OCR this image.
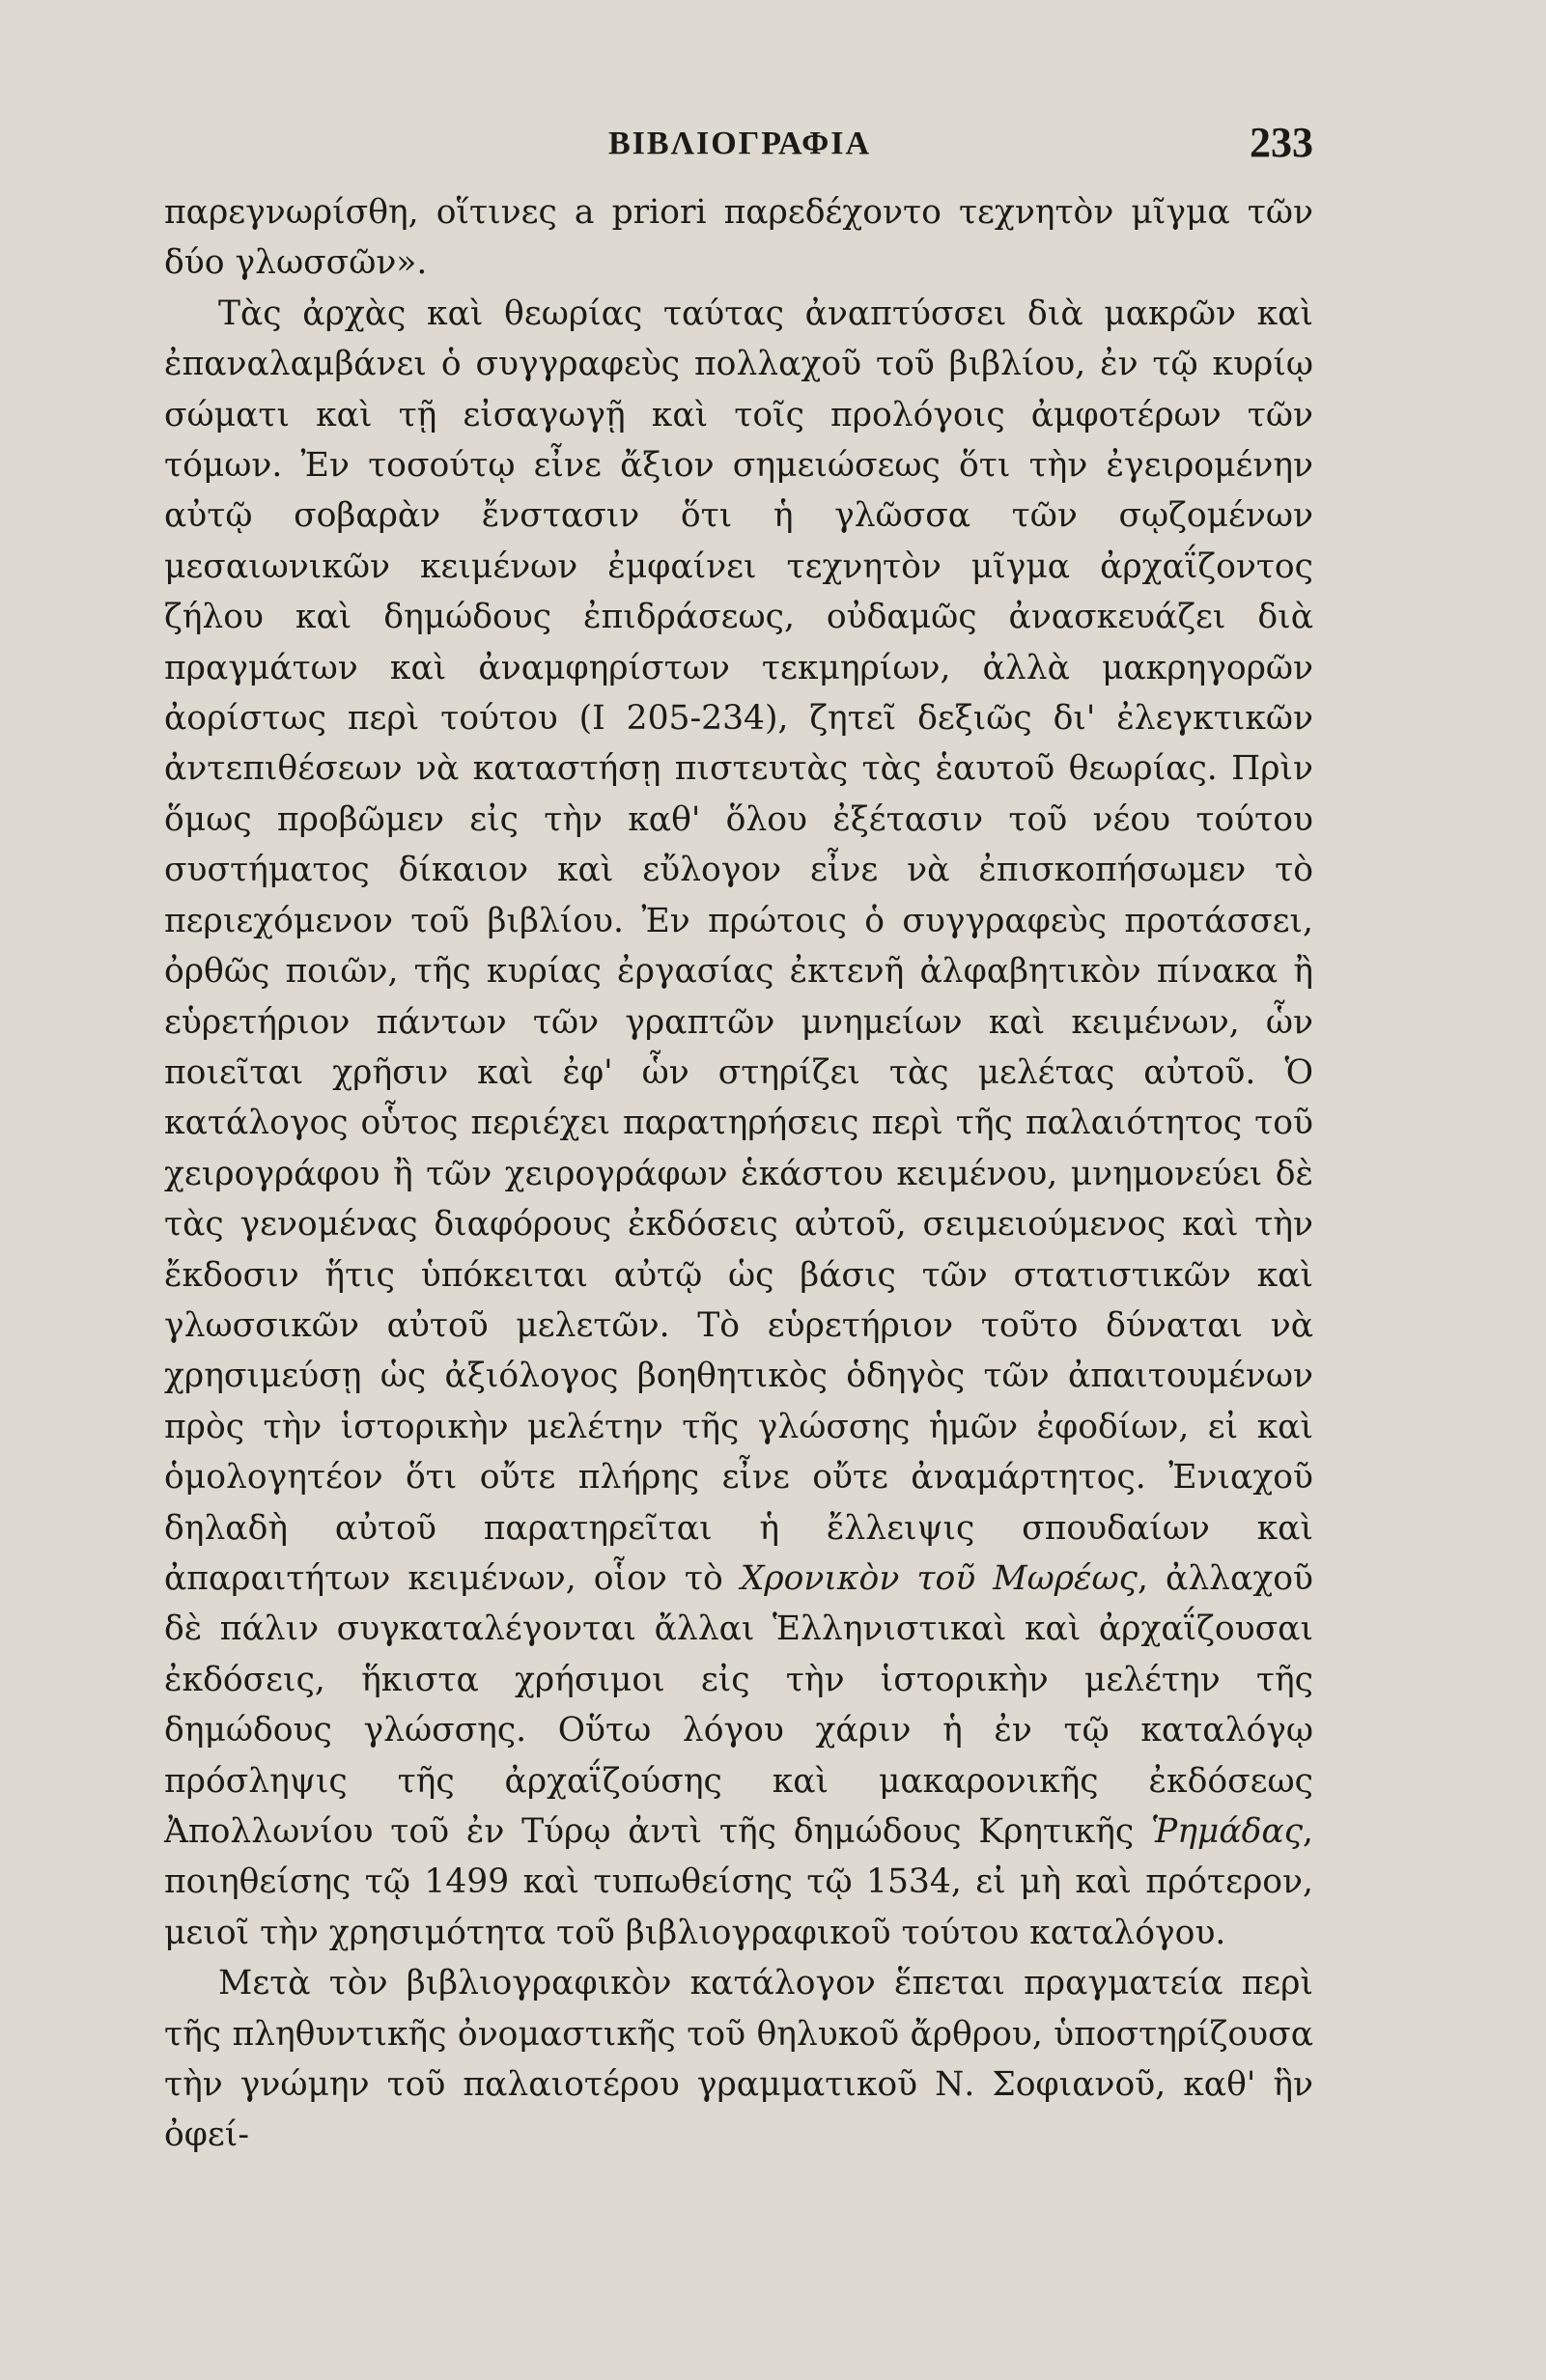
ΒΙΒΛΙΟΓΡΑΦΙΑ	233

παρεγνωρίσθη, οἵτινες a priori παρεδέχοντο τεχνητὸν μῖγμα τῶν δύο γλωσσῶν».

Τὰς ἀρχὰς καὶ θεωρίας ταύτας ἀναπτύσσει διὰ μακρῶν καὶ ἐπαναλαμβάνει ὁ συγγραφεὺς πολλαχοῦ τοῦ βιβλίου, ἐν τῷ κυρίῳ σώματι καὶ τῇ εἰσαγωγῇ καὶ τοῖς προλόγοις ἀμφοτέρων τῶν τόμων. Ἐν τοσούτῳ εἶνε ἄξιον σημειώσεως ὅτι τὴν ἐγειρομένην αὐτῷ σοβαρὰν ἔνστασιν ὅτι ἡ γλῶσσα τῶν σῳζομένων μεσαιωνικῶν κειμένων ἐμφαίνει τεχνητὸν μῖγμα ἀρχαΐζοντος ζήλου καὶ δημώδους ἐπιδράσεως, οὐδαμῶς ἀνασκευάζει διὰ πραγμάτων καὶ ἀναμφηρίστων τεκμηρίων, ἀλλὰ μακρηγορῶν ἀορίστως περὶ τούτου (I 205-234), ζητεῖ δεξιῶς δι' ἐλεγκτικῶν ἀντεπιθέσεων νὰ καταστήσῃ πιστευτὰς τὰς ἑαυτοῦ θεωρίας. Πρὶν ὅμως προβῶμεν εἰς τὴν καθ' ὅλου ἐξέτασιν τοῦ νέου τούτου συστήματος δίκαιον καὶ εὔλογον εἶνε νὰ ἐπισκοπήσωμεν τὸ περιεχόμενον τοῦ βιβλίου. Ἐν πρώτοις ὁ συγγραφεὺς προτάσσει, ὀρθῶς ποιῶν, τῆς κυρίας ἐργασίας ἐκτενῆ ἀλφαβητικὸν πίνακα ἢ εὑρετήριον πάντων τῶν γραπτῶν μνημείων καὶ κειμένων, ὧν ποιεῖται χρῆσιν καὶ ἐφ' ὧν στηρίζει τὰς μελέτας αὐτοῦ. Ὁ κατάλογος οὗτος περιέχει παρατηρήσεις περὶ τῆς παλαιότητος τοῦ χειρογράφου ἢ τῶν χειρογράφων ἑκάστου κειμένου, μνημονεύει δὲ τὰς γενομένας διαφόρους ἐκδόσεις αὐτοῦ, σειμειούμενος καὶ τὴν ἔκδοσιν ἥτις ὑπόκειται αὐτῷ ὡς βάσις τῶν στατιστικῶν καὶ γλωσσικῶν αὐτοῦ μελετῶν. Τὸ εὑρετήριον τοῦτο δύναται νὰ χρησιμεύσῃ ὡς ἀξιόλογος βοηθητικὸς ὁδηγὸς τῶν ἀπαιτουμένων πρὸς τὴν ἱστορικὴν μελέτην τῆς γλώσσης ἡμῶν ἐφοδίων, εἰ καὶ ὁμολογητέον ὅτι οὔτε πλήρης εἶνε οὔτε ἀναμάρτητος. Ἐνιαχοῦ δηλαδὴ αὐτοῦ παρατηρεῖται ἡ ἔλλειψις σπουδαίων καὶ ἀπαραιτήτων κειμένων, οἷον τὸ Χρονικὸν τοῦ Μωρέως, ἀλλαχοῦ δὲ πάλιν συγκαταλέγονται ἄλλαι Ἑλληνιστικαὶ καὶ ἀρχαΐζουσαι ἐκδόσεις, ἥκιστα χρήσιμοι εἰς τὴν ἱστορικὴν μελέτην τῆς δημώδους γλώσσης. Οὕτω λόγου χάριν ἡ ἐν τῷ καταλόγῳ πρόσληψις τῆς ἀρχαΐζούσης καὶ μακαρονικῆς ἐκδόσεως Ἀπολλωνίου τοῦ ἐν Τύρῳ ἀντὶ τῆς δημώδους Κρητικῆς Ῥημάδας, ποιηθείσης τῷ 1499 καὶ τυπωθείσης τῷ 1534, εἰ μὴ καὶ πρότερον, μειοῖ τὴν χρησιμότητα τοῦ βιβλιογραφικοῦ τούτου καταλόγου.

Μετὰ τὸν βιβλιογραφικὸν κατάλογον ἕπεται πραγματεία περὶ τῆς πληθυντικῆς ὀνομαστικῆς τοῦ θηλυκοῦ ἄρθρου, ὑποστηρίζουσα τὴν γνώμην τοῦ παλαιοτέρου γραμματικοῦ Ν. Σοφιανοῦ, καθ' ἣν ὀφεί-
